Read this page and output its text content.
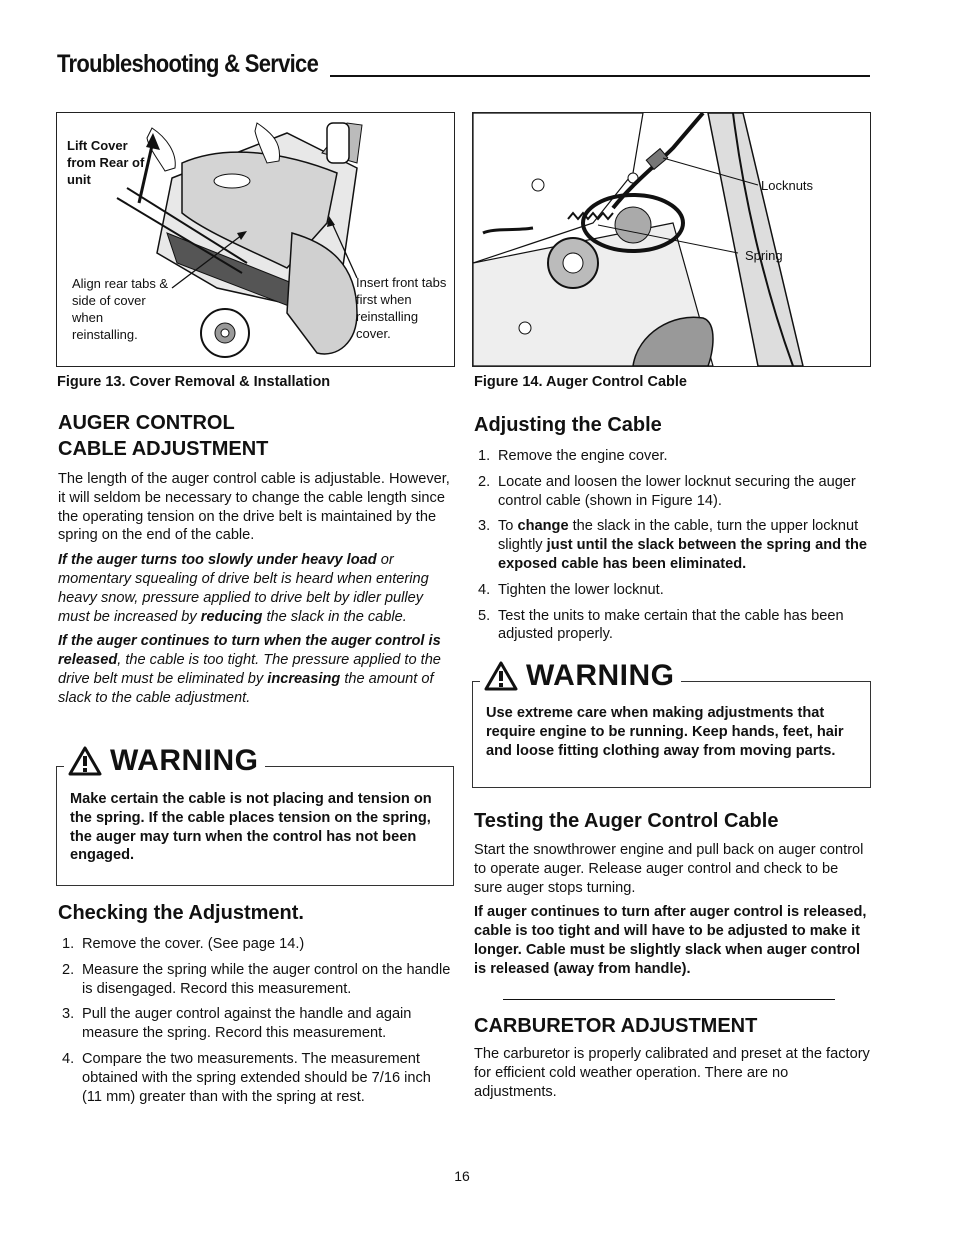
Troubleshooting & Service
Lift Cover from Rear of unit
Align rear tabs & side of cover when reinstalling.
Insert front tabs first when reinstalling cover.
Figure 13. Cover Removal & Installation
Locknuts
Spring
Figure 14. Auger Control Cable
AUGER CONTROL
CABLE ADJUSTMENT

The length of the auger control cable is adjustable. However, it will seldom be necessary to change the cable length since the operating tension on the drive belt is maintained by the spring on the end of the cable.

If the auger turns too slowly under heavy load or momentary squealing of drive belt is heard when entering heavy snow, pressure applied to drive belt by idler pulley must be increased by reducing the slack in the cable.

If the auger continues to turn when the auger control is released, the cable is too tight. The pressure applied to the drive belt must be eliminated by increasing the amount of slack to the cable adjustment.

WARNING
Make certain the cable is not placing and tension on the spring. If the cable places tension on the spring, the auger may turn when the control has not been engaged.
Checking the Adjustment.
1. Remove the cover. (See page 14.)
2. Measure the spring while the auger control on the handle is disengaged. Record this measurement.
3. Pull the auger control against the handle and again measure the spring. Record this measurement.
4. Compare the two measurements. The measurement obtained with the spring extended should be 7/16 inch (11 mm) greater than with the spring at rest.
Adjusting the Cable
1. Remove the engine cover.
2. Locate and loosen the lower locknut securing the auger control cable (shown in Figure 14).
3. To change the slack in the cable, turn the upper locknut slightly just until the slack between the spring and the exposed cable has been eliminated.
4. Tighten the lower locknut.
5. Test the units to make certain that the cable has been adjusted properly.
WARNING
Use extreme care when making adjustments that require engine to be running. Keep hands, feet, hair and loose fitting clothing away from moving parts.
Testing the Auger Control Cable

Start the snowthrower engine and pull back on auger control to operate auger. Release auger control and check to be sure auger stops turning.

If auger continues to turn after auger control is released, cable is too tight and will have to be adjusted to make it longer. Cable must be slightly slack when auger control is released (away from handle).

CARBURETOR ADJUSTMENT

The carburetor is properly calibrated and preset at the factory for efficient cold weather operation. There are no adjustments.

16
